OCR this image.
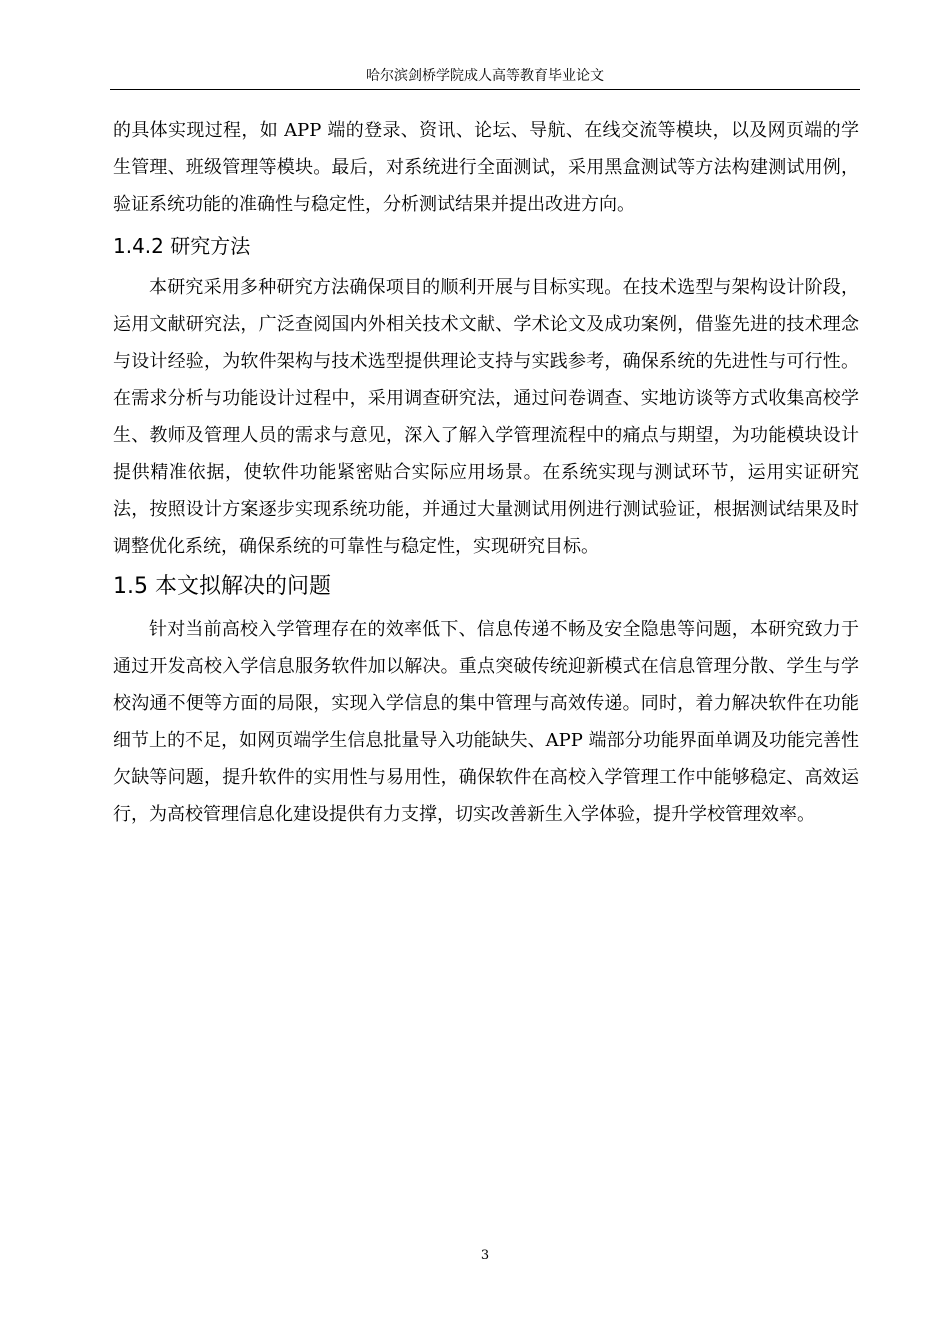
哈尔滨剑桥学院成人高等教育毕业论文

的具体实现过程，如 APP 端的登录、资讯、论坛、导航、在线交流等模块，以及网页端的学生管理、班级管理等模块。最后，对系统进行全面测试，采用黑盒测试等方法构建测试用例，验证系统功能的准确性与稳定性，分析测试结果并提出改进方向。

1.4.2 研究方法

本研究采用多种研究方法确保项目的顺利开展与目标实现。在技术选型与架构设计阶段，运用文献研究法，广泛查阅国内外相关技术文献、学术论文及成功案例，借鉴先进的技术理念与设计经验，为软件架构与技术选型提供理论支持与实践参考，确保系统的先进性与可行性。在需求分析与功能设计过程中，采用调查研究法，通过问卷调查、实地访谈等方式收集高校学生、教师及管理人员的需求与意见，深入了解入学管理流程中的痛点与期望，为功能模块设计提供精准依据，使软件功能紧密贴合实际应用场景。在系统实现与测试环节，运用实证研究法，按照设计方案逐步实现系统功能，并通过大量测试用例进行测试验证，根据测试结果及时调整优化系统，确保系统的可靠性与稳定性，实现研究目标。

1.5 本文拟解决的问题

针对当前高校入学管理存在的效率低下、信息传递不畅及安全隐患等问题，本研究致力于通过开发高校入学信息服务软件加以解决。重点突破传统迎新模式在信息管理分散、学生与学校沟通不便等方面的局限，实现入学信息的集中管理与高效传递。同时，着力解决软件在功能细节上的不足，如网页端学生信息批量导入功能缺失、APP 端部分功能界面单调及功能完善性欠缺等问题，提升软件的实用性与易用性，确保软件在高校入学管理工作中能够稳定、高效运行，为高校管理信息化建设提供有力支撑，切实改善新生入学体验，提升学校管理效率。

3
